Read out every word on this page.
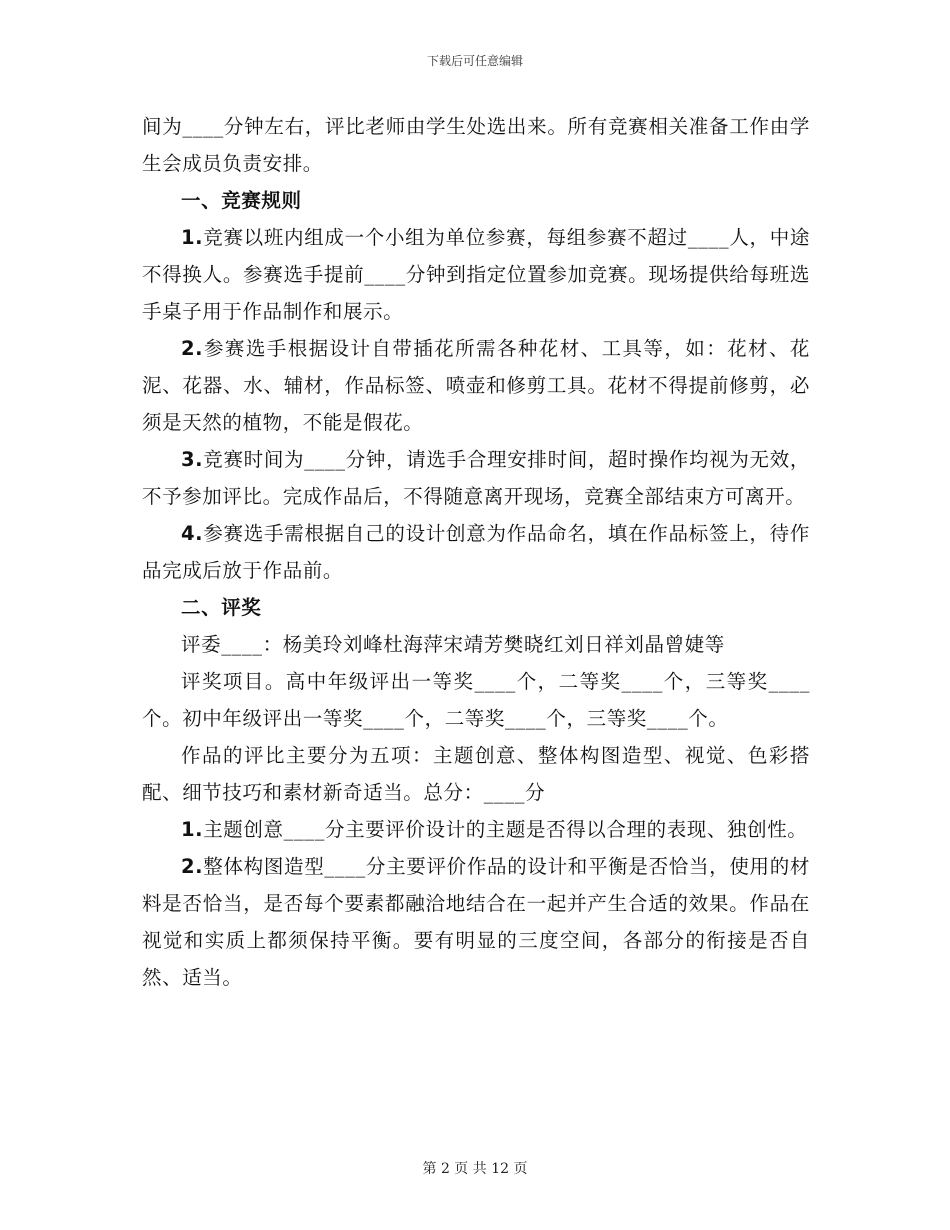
下载后可任意编辑

间为____分钟左右，评比老师由学生处选出来。所有竞赛相关准备工作由学生会成员负责安排。

一、竞赛规则

1.竞赛以班内组成一个小组为单位参赛，每组参赛不超过____人，中途不得换人。参赛选手提前____分钟到指定位置参加竞赛。现场提供给每班选手桌子用于作品制作和展示。

2.参赛选手根据设计自带插花所需各种花材、工具等，如：花材、花泥、花器、水、辅材，作品标签、喷壶和修剪工具。花材不得提前修剪，必须是天然的植物，不能是假花。

3.竞赛时间为____分钟，请选手合理安排时间，超时操作均视为无效，不予参加评比。完成作品后，不得随意离开现场，竞赛全部结束方可离开。

4.参赛选手需根据自己的设计创意为作品命名，填在作品标签上，待作品完成后放于作品前。

二、评奖

评委____：杨美玲刘峰杜海萍宋靖芳樊晓红刘日祥刘晶曾婕等

评奖项目。高中年级评出一等奖____个，二等奖____个，三等奖____个。初中年级评出一等奖____个，二等奖____个，三等奖____个。

作品的评比主要分为五项：主题创意、整体构图造型、视觉、色彩搭配、细节技巧和素材新奇适当。总分：____分

1.主题创意____分主要评价设计的主题是否得以合理的表现、独创性。

2.整体构图造型____分主要评价作品的设计和平衡是否恰当，使用的材料是否恰当，是否每个要素都融洽地结合在一起并产生合适的效果。作品在视觉和实质上都须保持平衡。要有明显的三度空间，各部分的衔接是否自然、适当。

第 2 页 共 12 页
